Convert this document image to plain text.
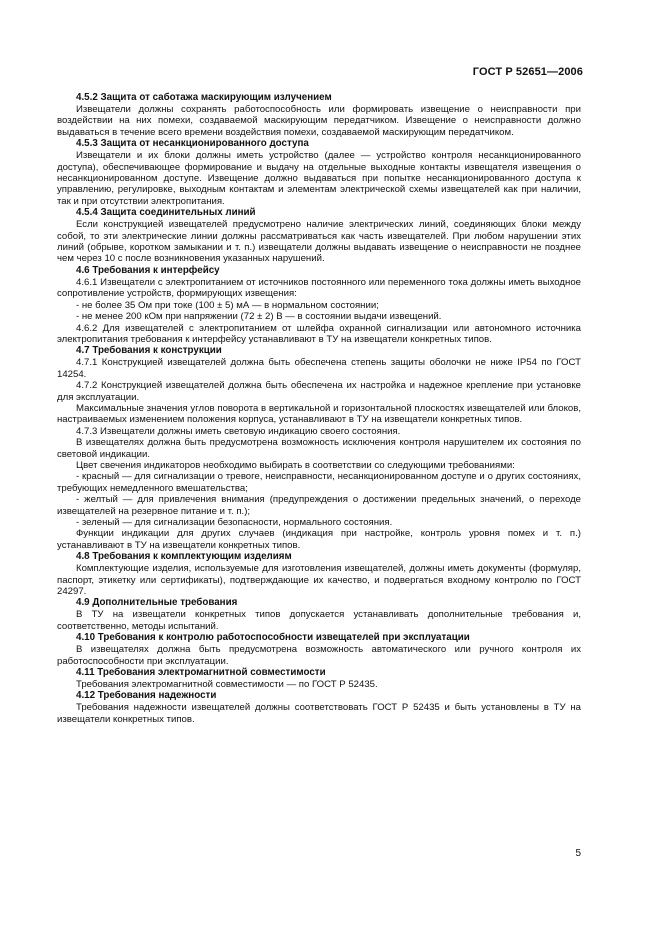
ГОСТ Р 52651—2006
4.5.2 Защита от саботажа маскирующим излучением
Извещатели должны сохранять работоспособность или формировать извещение о неисправности при воздействии на них помехи, создаваемой маскирующим передатчиком. Извещение о неисправности должно выдаваться в течение всего времени воздействия помехи, создаваемой маскирующим передатчиком.
4.5.3 Защита от несанкционированного доступа
Извещатели и их блоки должны иметь устройство (далее — устройство контроля несанкционированного доступа), обеспечивающее формирование и выдачу на отдельные выходные контакты извещателя извещения о несанкционированном доступе. Извещение должно выдаваться при попытке несанкционированного доступа к управлению, регулировке, выходным контактам и элементам электрической схемы извещателей как при наличии, так и при отсутствии электропитания.
4.5.4 Защита соединительных линий
Если конструкцией извещателей предусмотрено наличие электрических линий, соединяющих блоки между собой, то эти электрические линии должны рассматриваться как часть извещателей. При любом нарушении этих линий (обрыве, коротком замыкании и т. п.) извещатели должны выдавать извещение о неисправности не позднее чем через 10 с после возникновения указанных нарушений.
4.6 Требования к интерфейсу
4.6.1 Извещатели с электропитанием от источников постоянного или переменного тока должны иметь выходное сопротивление устройств, формирующих извещения:
- не более 35 Ом при токе (100 ± 5) мА — в нормальном состоянии;
- не менее 200 кОм при напряжении (72 ± 2) В — в состоянии выдачи извещений.
4.6.2 Для извещателей с электропитанием от шлейфа охранной сигнализации или автономного источника электропитания требования к интерфейсу устанавливают в ТУ на извещатели конкретных типов.
4.7 Требования к конструкции
4.7.1 Конструкцией извещателей должна быть обеспечена степень защиты оболочки не ниже IP54 по ГОСТ 14254.
4.7.2 Конструкцией извещателей должна быть обеспечена их настройка и надежное крепление при установке для эксплуатации.
Максимальные значения углов поворота в вертикальной и горизонтальной плоскостях извещателей или блоков, настраиваемых изменением положения корпуса, устанавливают в ТУ на извещатели конкретных типов.
4.7.3 Извещатели должны иметь световую индикацию своего состояния.
В извещателях должна быть предусмотрена возможность исключения контроля нарушителем их состояния по световой индикации.
Цвет свечения индикаторов необходимо выбирать в соответствии со следующими требованиями:
- красный — для сигнализации о тревоге, неисправности, несанкционированном доступе и о других состояниях, требующих немедленного вмешательства;
- желтый — для привлечения внимания (предупреждения о достижении предельных значений, о переходе извещателей на резервное питание и т. п.);
- зеленый — для сигнализации безопасности, нормального состояния.
Функции индикации для других случаев (индикация при настройке, контроль уровня помех и т. п.) устанавливают в ТУ на извещатели конкретных типов.
4.8 Требования к комплектующим изделиям
Комплектующие изделия, используемые для изготовления извещателей, должны иметь документы (формуляр, паспорт, этикетку или сертификаты), подтверждающие их качество, и подвергаться входному контролю по ГОСТ 24297.
4.9 Дополнительные требования
В ТУ на извещатели конкретных типов допускается устанавливать дополнительные требования и, соответственно, методы испытаний.
4.10 Требования к контролю работоспособности извещателей при эксплуатации
В извещателях должна быть предусмотрена возможность автоматического или ручного контроля их работоспособности при эксплуатации.
4.11 Требования электромагнитной совместимости
Требования электромагнитной совместимости — по ГОСТ Р 52435.
4.12 Требования надежности
Требования надежности извещателей должны соответствовать ГОСТ Р 52435 и быть установлены в ТУ на извещатели конкретных типов.
5
